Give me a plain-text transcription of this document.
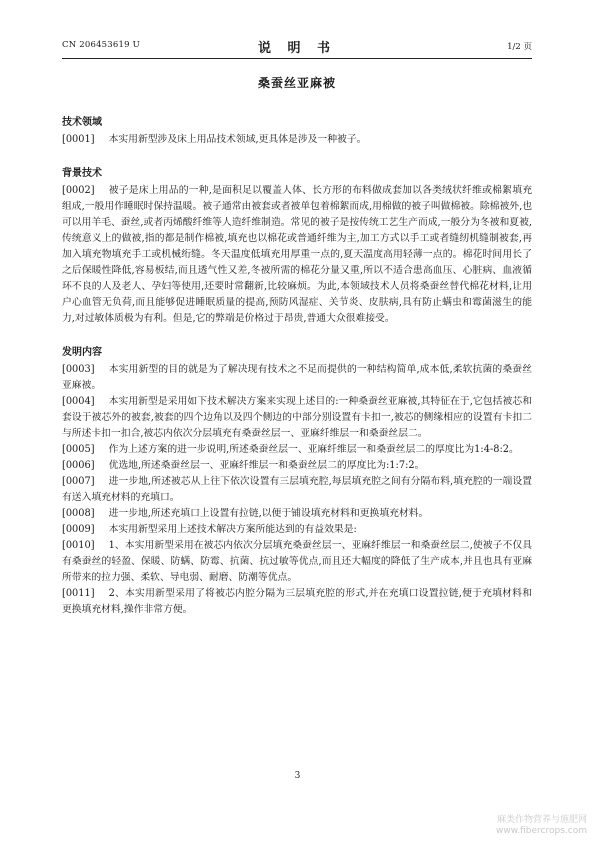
CN 206453619 U	说 明 书	1/2 页
桑蚕丝亚麻被
技术领域

[0001] 本实用新型涉及床上用品技术领域,更具体是涉及一种被子。

背景技术

[0002] 被子是床上用品的一种,是面积足以覆盖人体、长方形的布料做成套加以各类绒状纤维或棉絮填充组成,一般用作睡眠时保持温暖。被子通常由被套或者被单包着棉絮而成,用棉做的被子叫做棉被。除棉被外,也可以用羊毛、蚕丝,或者丙烯酸纤维等人造纤维制造。常见的被子是按传统工艺生产而成,一般分为冬被和夏被,传统意义上的做被,指的都是制作棉被,填充也以棉花或普通纤维为主,加工方式以手工或者缝纫机缝制被套,再加入填充物填充手工或机械绗缝。冬天温度低填充用厚重一点的,夏天温度高用轻薄一点的。棉花时间用长了之后保暖性降低,容易板结,而且透气性又差,冬被所需的棉花分量又重,所以不适合患高血压、心脏病、血液循环不良的人及老人、孕妇等使用,还要时常翻新,比较麻烦。为此,本领域技术人员将桑蚕丝替代棉花材料,让用户心血管无负荷,而且能够促进睡眠质量的提高,预防风湿症、关节炎、皮肤病,具有防止螨虫和霉菌滋生的能力,对过敏体质极为有利。但是,它的弊端是价格过于昂贵,普通大众很难接受。

发明内容

[0003] 本实用新型的目的就是为了解决现有技术之不足而提供的一种结构简单,成本低,柔软抗菌的桑蚕丝亚麻被。

[0004] 本实用新型是采用如下技术解决方案来实现上述目的:一种桑蚕丝亚麻被,其特征在于,它包括被芯和套设于被芯外的被套,被套的四个边角以及四个侧边的中部分别设置有卡扣一,被芯的侧缘相应的设置有卡扣二与所述卡扣一扣合,被芯内依次分层填充有桑蚕丝层一、亚麻纤维层一和桑蚕丝层二。

[0005] 作为上述方案的进一步说明,所述桑蚕丝层一、亚麻纤维层一和桑蚕丝层二的厚度比为1:4-8:2。

[0006] 优选地,所述桑蚕丝层一、亚麻纤维层一和桑蚕丝层二的厚度比为:1:7:2。

[0007] 进一步地,所述被芯从上往下依次设置有三层填充腔,每层填充腔之间有分隔布料,填充腔的一端设置有送入填充材料的充填口。

[0008] 进一步地,所述充填口上设置有拉链,以便于铺设填充材料和更换填充材料。

[0009] 本实用新型采用上述技术解决方案所能达到的有益效果是:

[0010] 1、本实用新型采用在被芯内依次分层填充桑蚕丝层一、亚麻纤维层一和桑蚕丝层二,使被子不仅具有桑蚕丝的轻盈、保暖、防螨、防霉、抗菌、抗过敏等优点,而且还大幅度的降低了生产成本,并且也具有亚麻所带来的拉力强、柔软、导电弱、耐磨、防潮等优点。

[0011] 2、本实用新型采用了将被芯内腔分隔为三层填充腔的形式,并在充填口设置拉链,便于充填材料和更换填充材料,操作非常方便。

3
麻类作物营养与施肥网
www.fibercrops.com
